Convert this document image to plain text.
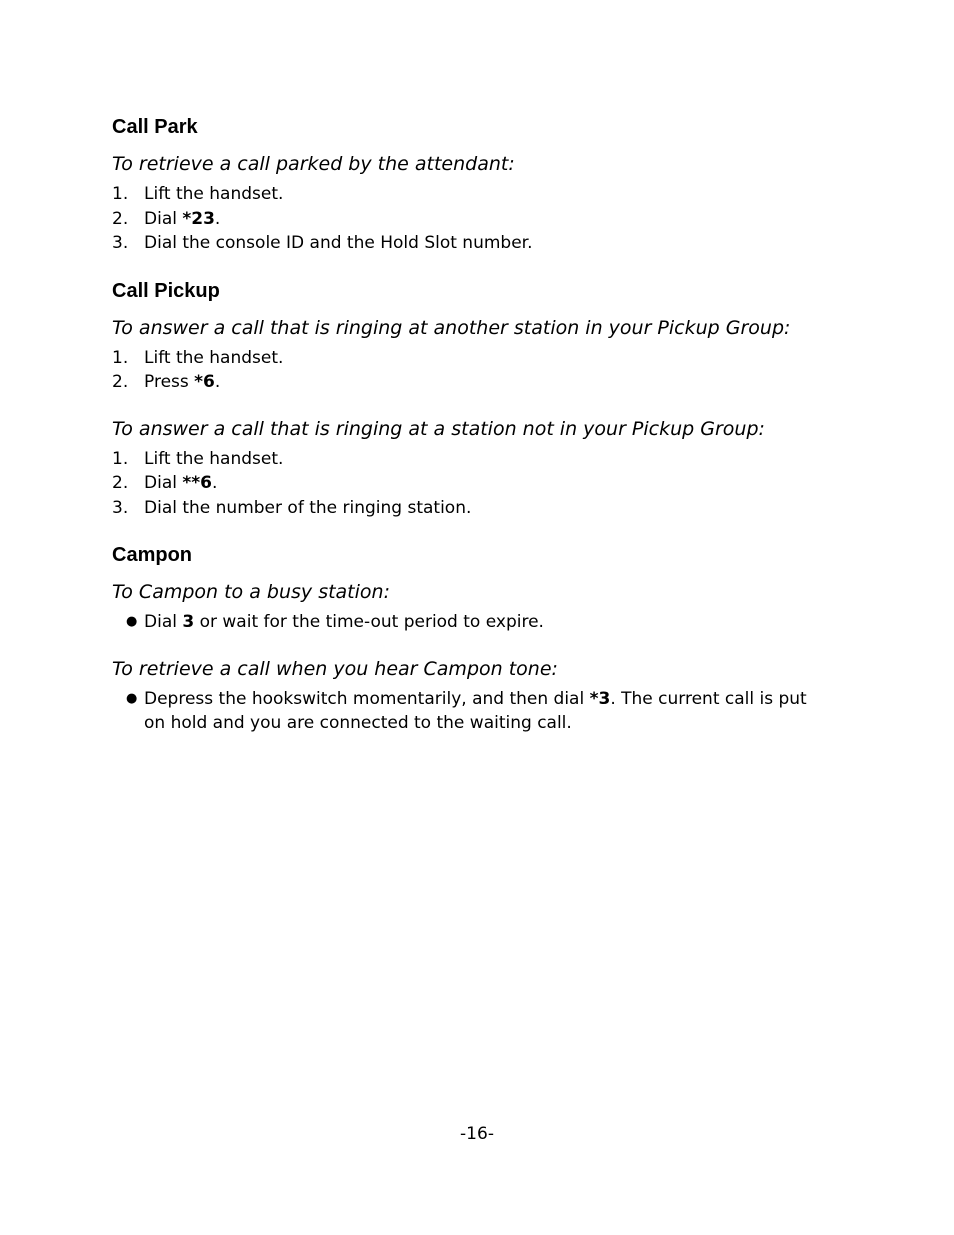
Call Park

To retrieve a call parked by the attendant:

1. Lift the handset.
2. Dial *23.
3. Dial the console ID and the Hold Slot number.
Call Pickup

To answer a call that is ringing at another station in your Pickup Group:

1. Lift the handset.
2. Press *6.

To answer a call that is ringing at a station not in your Pickup Group:

1. Lift the handset.
2. Dial **6.
3. Dial the number of the ringing station.
Campon

To Campon to a busy station:

● Dial 3 or wait for the time-out period to expire.

To retrieve a call when you hear Campon tone:

● Depress the hookswitch momentarily, and then dial *3. The current call is put on hold and you are connected to the waiting call.
-16-
